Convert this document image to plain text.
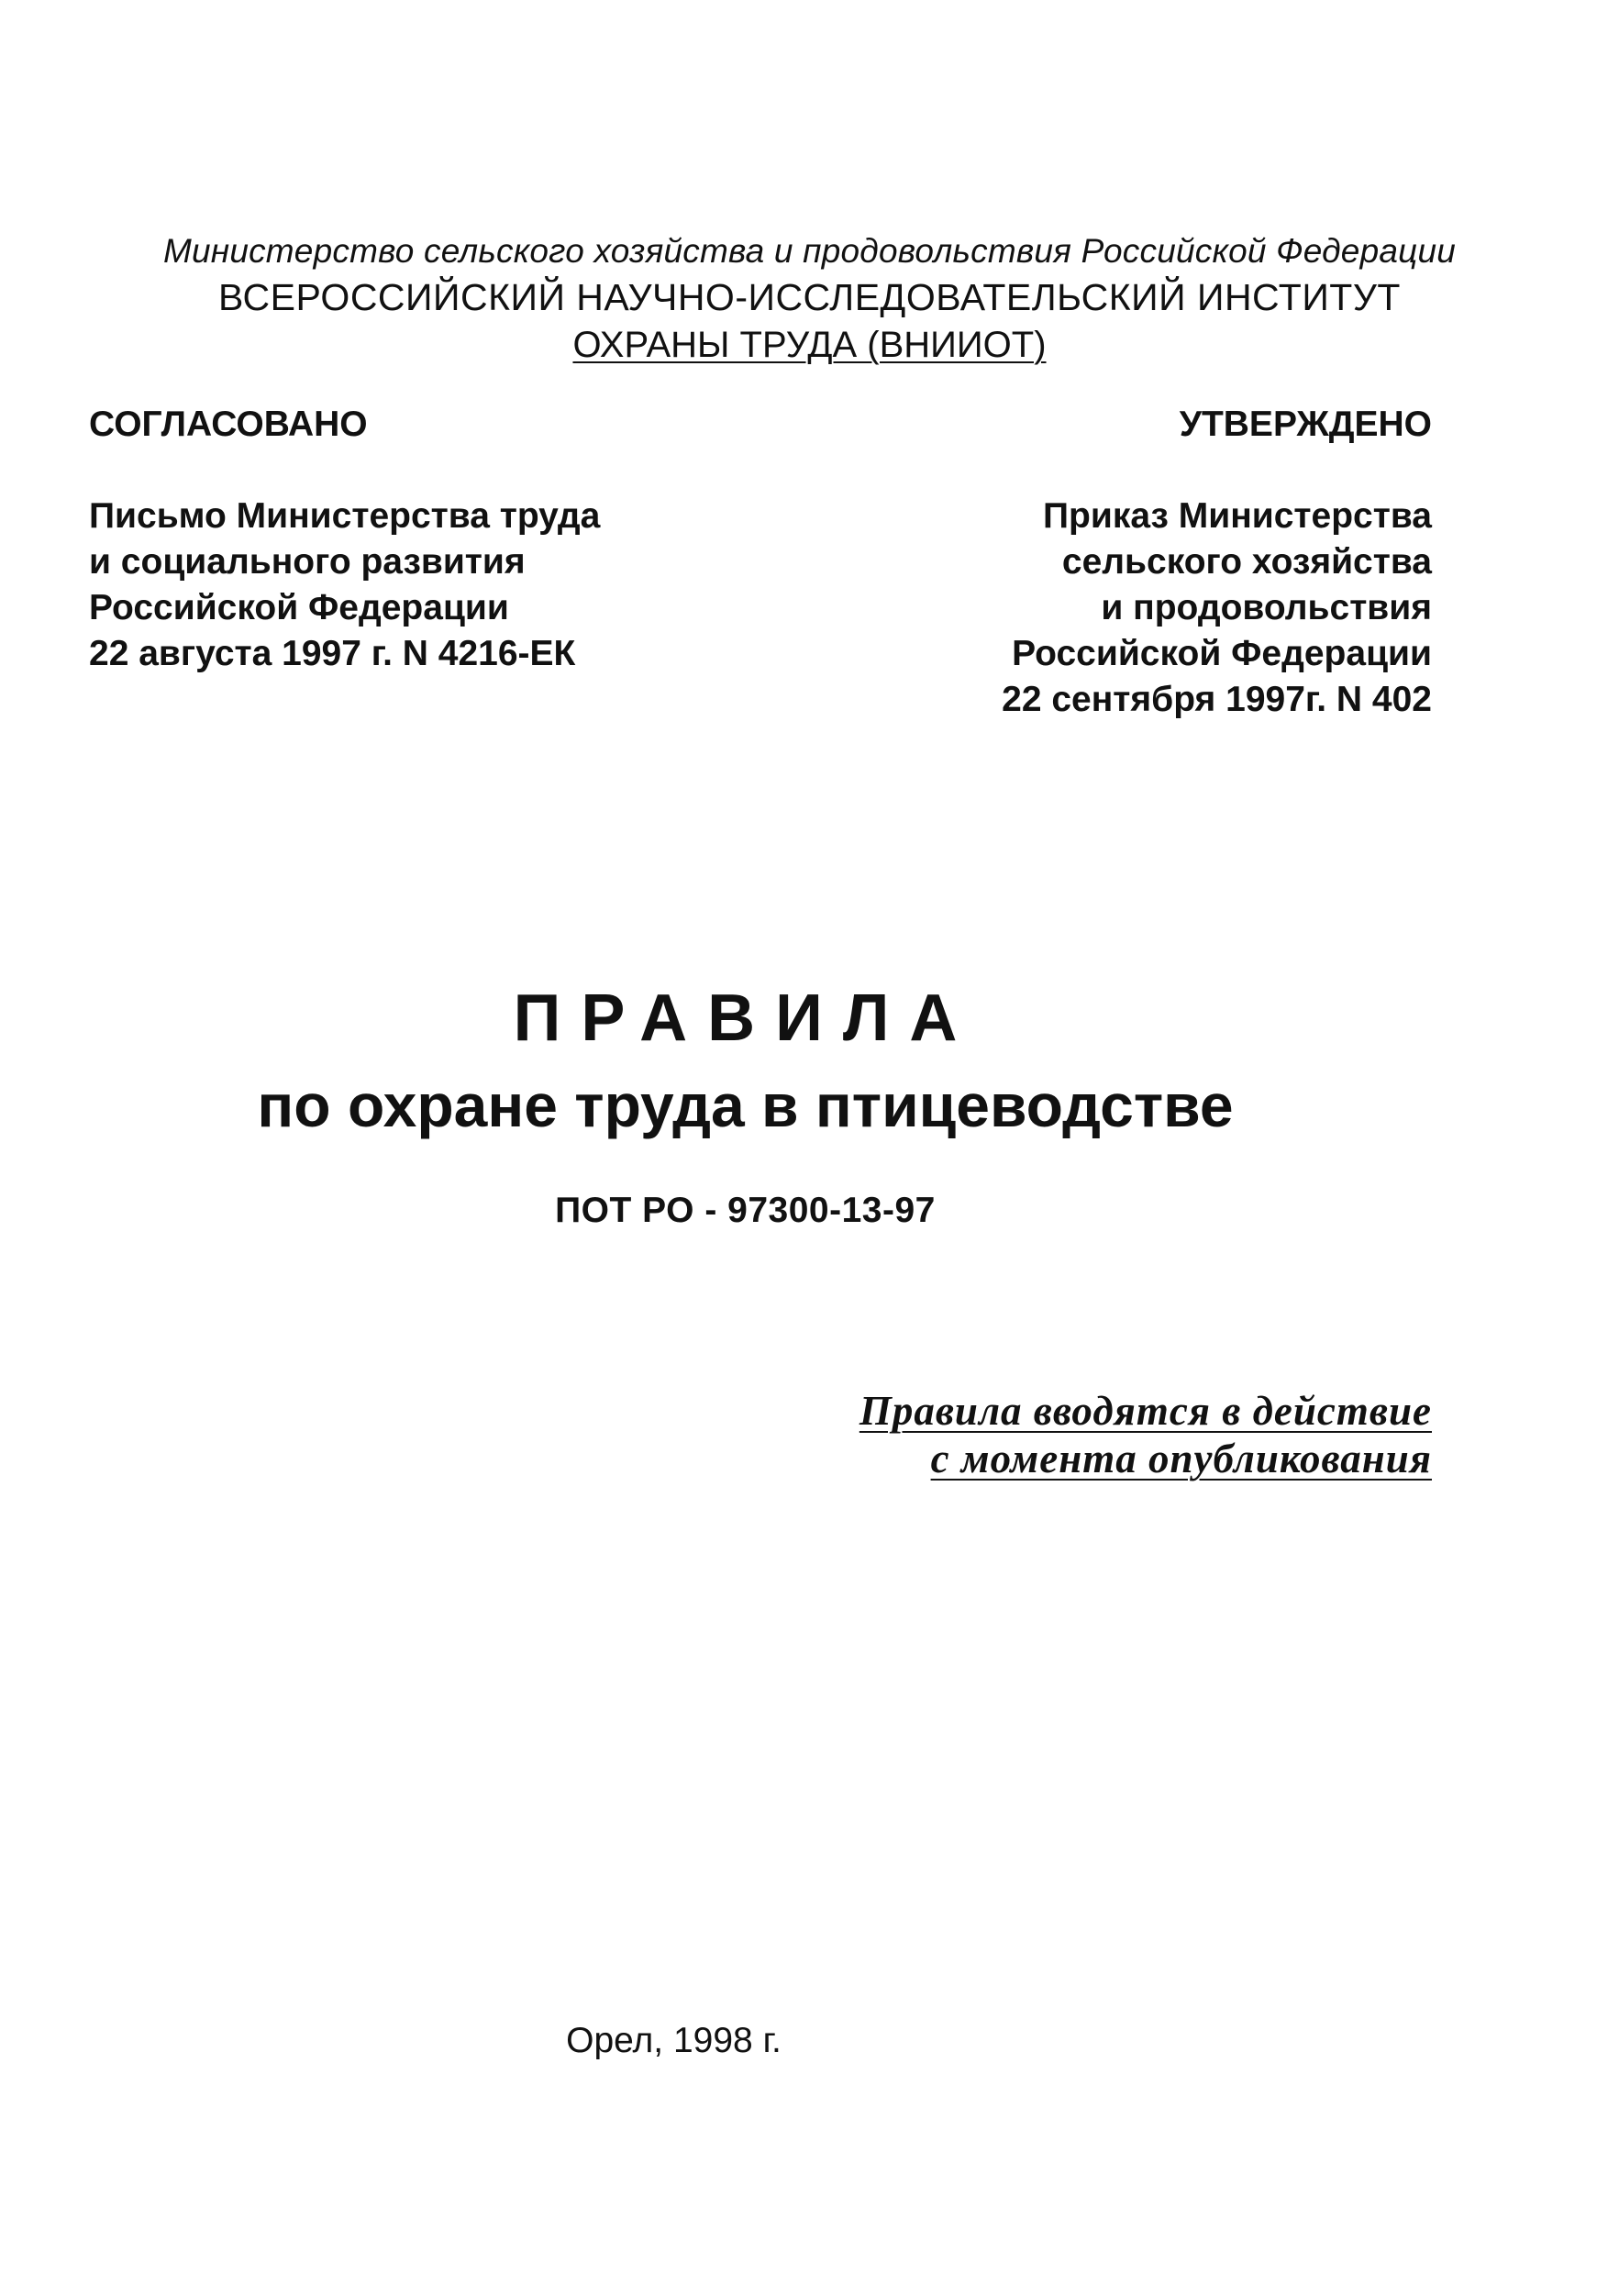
Министерство сельского хозяйства и продовольствия Российской Федерации
ВСЕРОССИЙСКИЙ НАУЧНО-ИССЛЕДОВАТЕЛЬСКИЙ ИНСТИТУТ
ОХРАНЫ ТРУДА (ВНИИОТ)
СОГЛАСОВАНО
Письмо Министерства труда
и социального развития
Российской Федерации
22 августа 1997 г. N 4216-ЕК
УТВЕРЖДЕНО
Приказ Министерства
сельского хозяйства
и продовольствия
Российской Федерации
22 сентября 1997г. N 402
ПРАВИЛА
по охране труда в птицеводстве
ПОТ РО - 97300-13-97
Правила вводятся в действие
с момента опубликования
Орел, 1998 г.
